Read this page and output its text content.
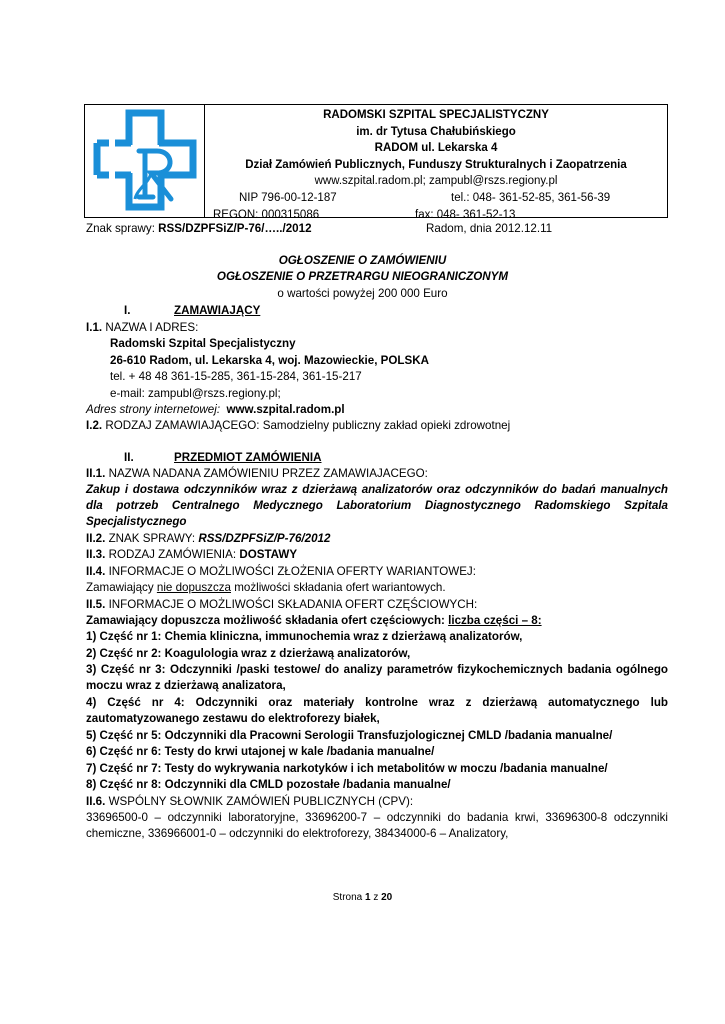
RADOMSKI SZPITAL SPECJALISTYCZNY
im. dr Tytusa Chałubińskiego
RADOM ul. Lekarska 4
Dział Zamówień Publicznych, Funduszy Strukturalnych i Zaopatrzenia
www.szpital.radom.pl; zampubl@rszs.regiony.pl
NIP 796-00-12-187	tel.: 048- 361-52-85, 361-56-39
REGON: 000315086	fax: 048- 361-52-13
Znak sprawy: RSS/DZPFSiZ/P-76/…../2012	Radom, dnia 2012.12.11
OGŁOSZENIE O ZAMÓWIENIU
OGŁOSZENIE O PRZETRARGU NIEOGRANICZONYM
o wartości powyżej 200 000 Euro
I.	ZAMAWIAJĄCY
I.1. NAZWA I ADRES:
Radomski Szpital Specjalistyczny
26-610 Radom, ul. Lekarska 4, woj. Mazowieckie, POLSKA
tel. + 48 48 361-15-285, 361-15-284, 361-15-217
e-mail: zampubl@rszs.regiony.pl;
Adres strony internetowej: www.szpital.radom.pl
I.2. RODZAJ ZAMAWIAJĄCEGO: Samodzielny publiczny zakład opieki zdrowotnej
II.	PRZEDMIOT ZAMÓWIENIA
II.1. NAZWA NADANA ZAMÓWIENIU PRZEZ ZAMAWIAJACEGO:
Zakup i dostawa odczynników wraz z dzierżawą analizatorów oraz odczynników do badań manualnych dla potrzeb Centralnego Medycznego Laboratorium Diagnostycznego Radomskiego Szpitala Specjalistycznego
II.2. ZNAK SPRAWY: RSS/DZPFSiZ/P-76/2012
II.3. RODZAJ ZAMÓWIENIA: DOSTAWY
II.4. INFORMACJE O MOŻLIWOŚCI ZŁOŻENIA OFERTY WARIANTOWEJ:
Zamawiający nie dopuszcza możliwości składania ofert wariantowych.
II.5. INFORMACJE O MOŻLIWOŚCI SKŁADANIA OFERT CZĘŚCIOWYCH:
Zamawiający dopuszcza możliwość składania ofert częściowych: liczba części – 8:
1) Część nr 1: Chemia kliniczna, immunochemia wraz z dzierżawą analizatorów,
2) Część nr 2: Koagulologia wraz z dzierżawą analizatorów,
3) Część nr 3: Odczynniki /paski testowe/ do analizy parametrów fizykochemicznych badania ogólnego moczu wraz z dzierżawą analizatora,
4) Część nr 4: Odczynniki oraz materiały kontrolne wraz z dzierżawą automatycznego lub zautomatyzowanego zestawu do elektroforezy białek,
5) Część nr 5: Odczynniki dla Pracowni Serologii Transfuzjologicznej CMLD /badania manualne/
6) Część nr 6: Testy do krwi utajonej w kale /badania manualne/
7) Część nr 7: Testy do wykrywania narkotyków i ich metabolitów w moczu /badania manualne/
8) Część nr 8: Odczynniki dla CMLD pozostałe /badania manualne/
II.6. WSPÓLNY SŁOWNIK ZAMÓWIEŃ PUBLICZNYCH (CPV):
33696500-0 – odczynniki laboratoryjne, 33696200-7 – odczynniki do badania krwi, 33696300-8 odczynniki chemiczne, 336966001-0 – odczynniki do elektroforezy, 38434000-6 – Analizatory,
Strona 1 z 20
